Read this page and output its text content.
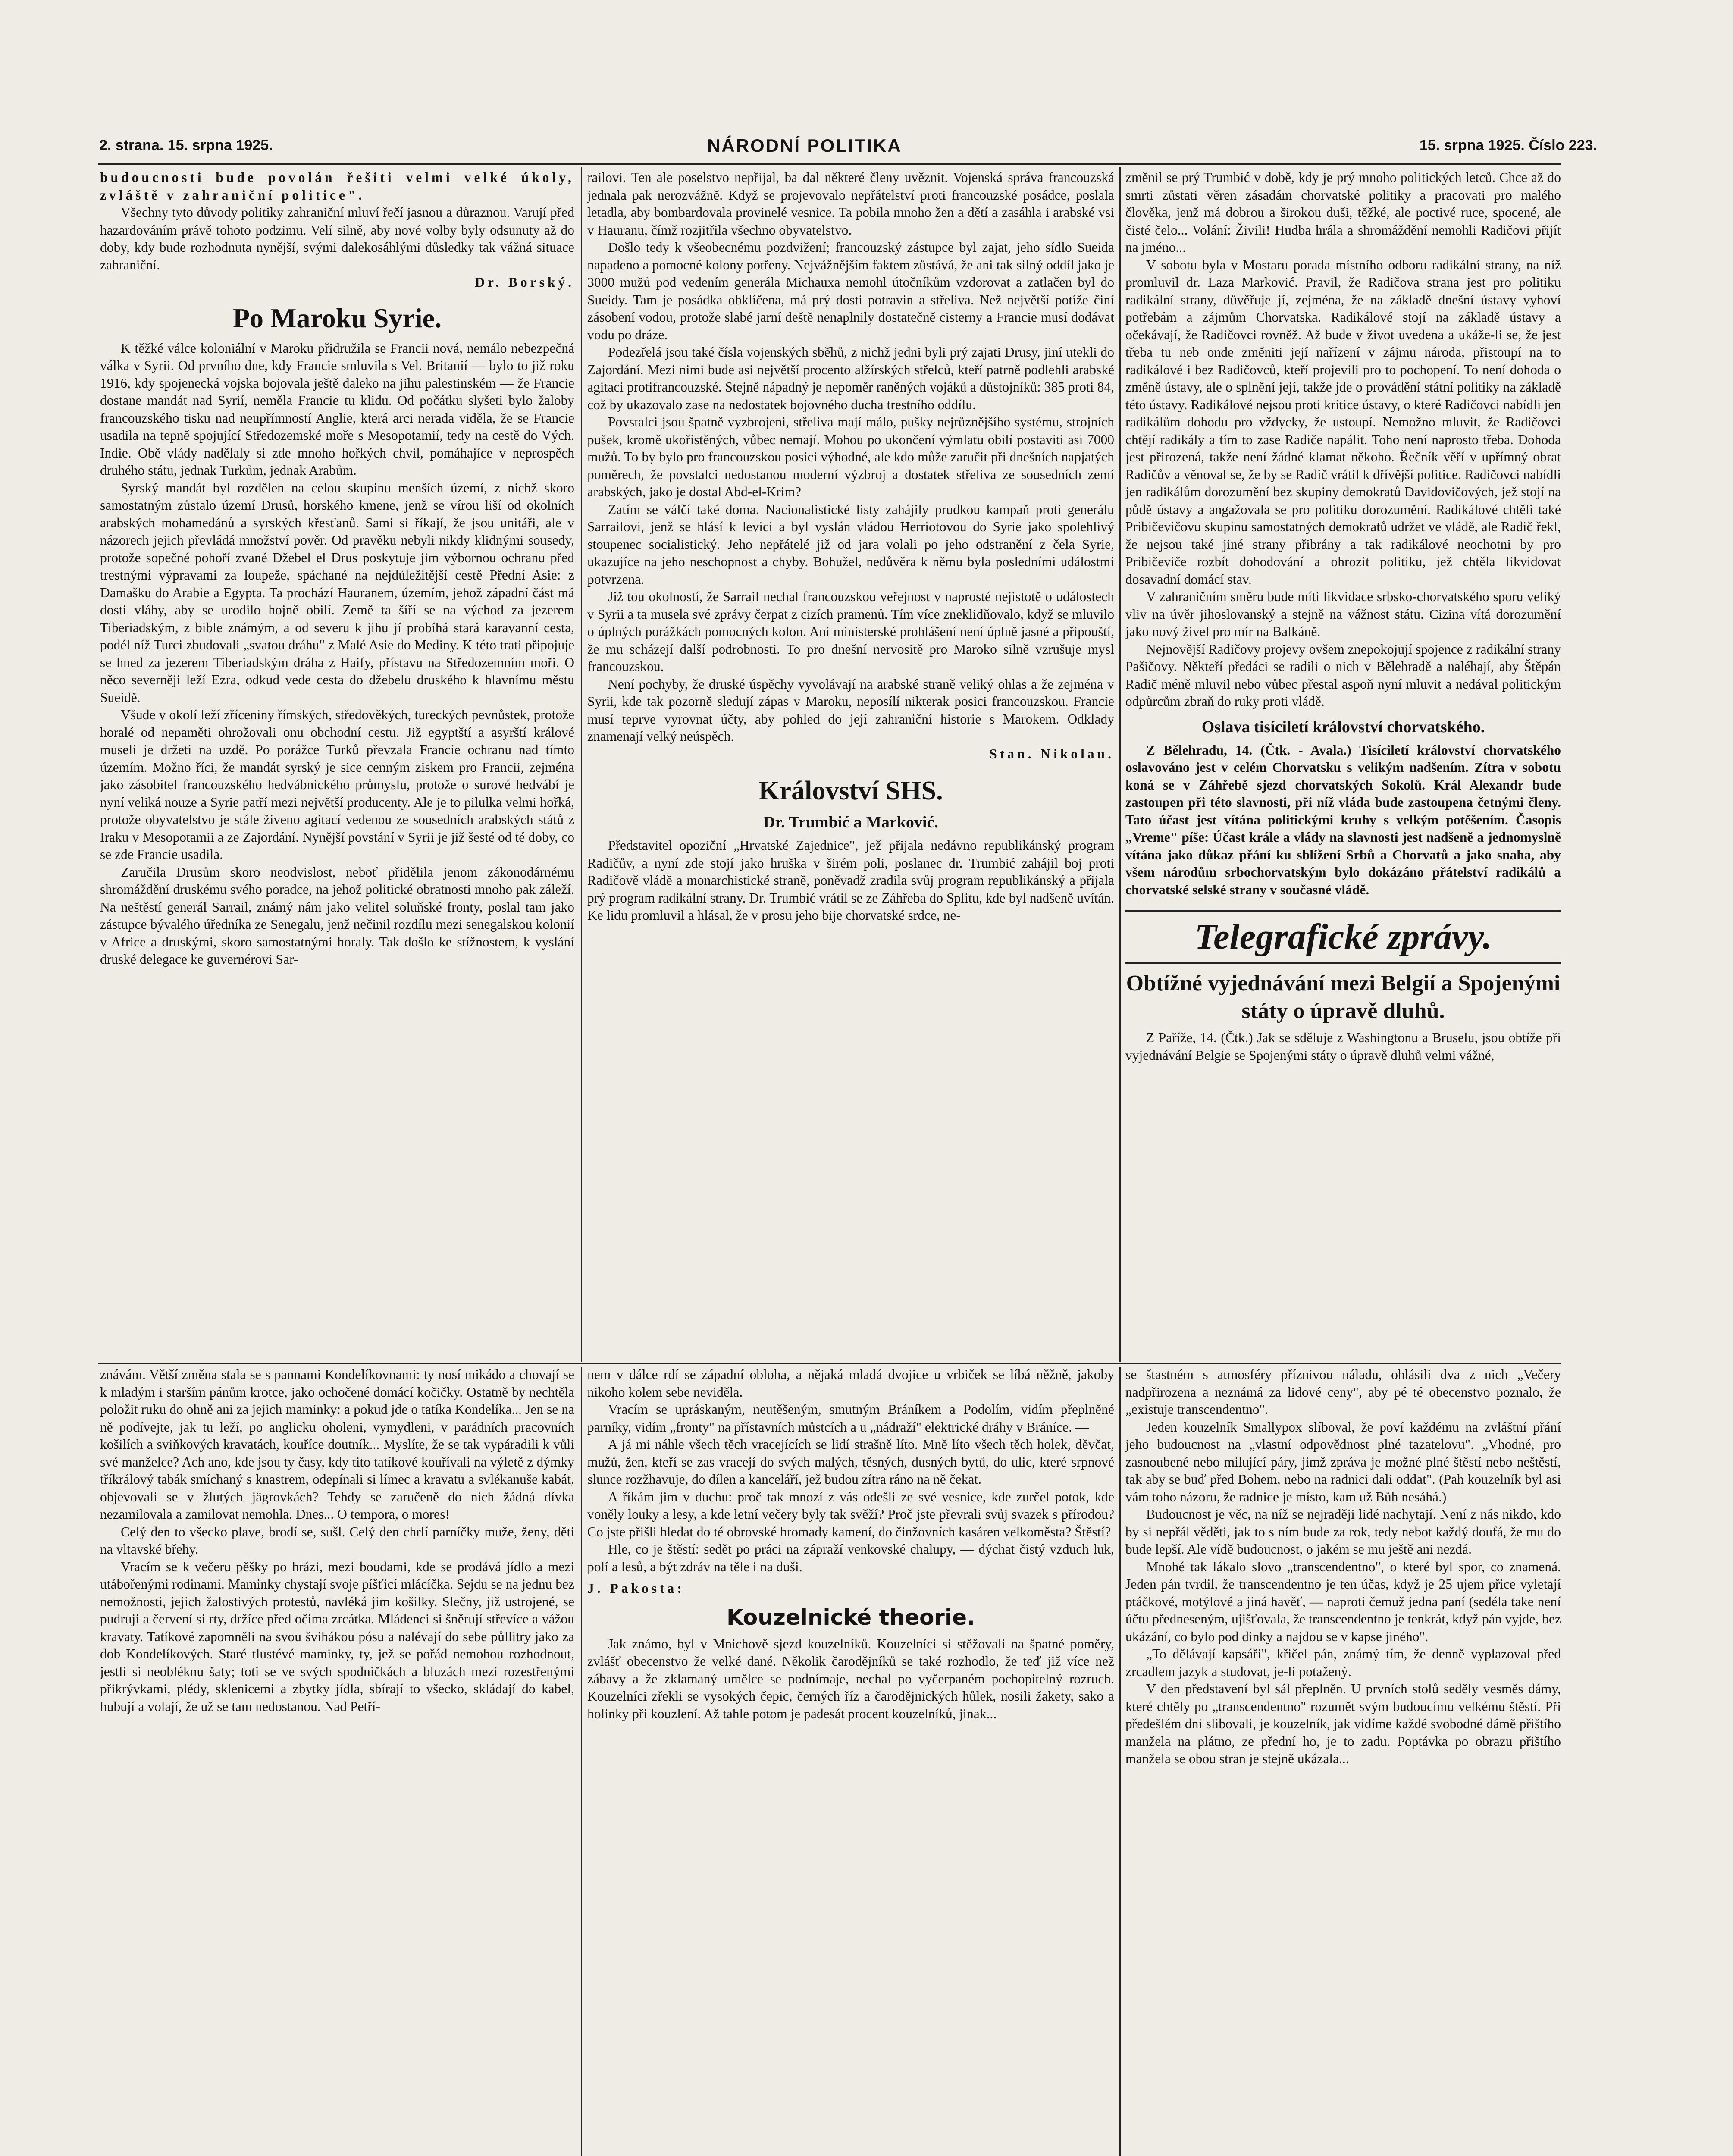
2. strana. 15. srpna 1925.	NÁRODNÍ POLITIKA	15. srpna 1925. Číslo 223.

budoucnosti bude povolán řešiti velmi velké úkoly, zvláště v zahraniční politice".

Všechny tyto důvody politiky zahraniční mluví řečí jasnou a důraznou. Varují před hazardováním právě tohoto podzimu. Velí silně, aby nové volby byly odsunuty až do doby, kdy bude rozhodnuta nynější, svými dalekosáhlými důsledky tak vážná situace zahraniční.

Dr. Borský.

Po Maroku Syrie.

K těžké válce koloniální v Maroku přidružila se Francii nová, nemálo nebezpečná válka v Syrii. Od prvního dne, kdy Francie smluvila s Vel. Britanií — bylo to již roku 1916, kdy spojenecká vojska bojovala ještě daleko na jihu palestinském — že Francie dostane mandát nad Syrií, neměla Francie tu klidu. Od počátku slyšeti bylo žaloby francouzského tisku nad neupřímností Anglie, která arci nerada viděla, že se Francie usadila na tepně spojující Středozemské moře s Mesopotamií, tedy na cestě do Vých. Indie. Obě vlády nadělaly si zde mnoho hořkých chvil, pomáhajíce v neprospěch druhého státu, jednak Turkům, jednak Arabům.

Syrský mandát byl rozdělen na celou skupinu menších území, z nichž skoro samostatným zůstalo území Drusů, horského kmene, jenž se vírou liší od okolních arabských mohamedánů a syrských křesťanů. Sami si říkají, že jsou unitáři, ale v názorech jejich převládá množství pověr. Od pravěku nebyli nikdy klidnými sousedy, protože sopečné pohoří zvané Džebel el Drus poskytuje jim výbornou ochranu před trestnými výpravami za loupeže, spáchané na nejdůležitější cestě Přední Asie: z Damašku do Arabie a Egypta. Ta prochází Hauranem, územím, jehož západní část má dosti vláhy, aby se urodilo hojně obilí. Země ta šíří se na východ za jezerem Tiberiadským, z bible známým, a od severu k jihu jí probíhá stará karavanní cesta, podél níž Turci zbudovali „svatou dráhu" z Malé Asie do Mediny. K této trati připojuje se hned za jezerem Tiberiadským dráha z Haify, přístavu na Středozemním moři. O něco severněji leží Ezra, odkud vede cesta do džebelu druského k hlavnímu městu Sueidě.

Všude v okolí leží zříceniny římských, středověkých, tureckých pevnůstek, protože horalé od nepaměti ohrožovali onu obchodní cestu. Již egyptští a asyrští králové museli je držeti na uzdě. Po porážce Turků převzala Francie ochranu nad tímto územím. Možno říci, že mandát syrský je sice cenným ziskem pro Francii, zejména jako zásobitel francouzského hedvábnického průmyslu, protože o surové hedvábí je nyní veliká nouze a Syrie patří mezi největší producenty. Ale je to pilulka velmi hořká, protože obyvatelstvo je stále živeno agitací vedenou ze sousedních arabských států z Iraku v Mesopotamii a ze Zajordání. Nynější povstání v Syrii je již šesté od té doby, co se zde Francie usadila.

Zaručila Drusům skoro neodvislost, neboť přidělila jenom zákonodárnému shromáždění druskému svého poradce, na jehož politické obratnosti mnoho pak záleží. Na neštěstí generál Sarrail, známý nám jako velitel soluňské fronty, poslal tam jako zástupce bývalého úředníka ze Senegalu, jenž nečinil rozdílu mezi senegalskou kolonií v Africe a druskými, skoro samostatnými horaly. Tak došlo ke stížnostem, k vyslání druské delegace ke guvernérovi Sar-

railovi. Ten ale poselstvo nepřijal, ba dal některé členy uvěznit. Vojenská správa francouzská jednala pak nerozvážně. Když se projevovalo nepřátelství proti francouzské posádce, poslala letadla, aby bombardovala provinelé vesnice. Ta pobila mnoho žen a dětí a zasáhla i arabské vsi v Hauranu, čímž rozjitřila všechno obyvatelstvo.

Došlo tedy k všeobecnému pozdvižení; francouzský zástupce byl zajat, jeho sídlo Sueida napadeno a pomocné kolony potřeny. Nejvážnějším faktem zůstává, že ani tak silný oddíl jako je 3000 mužů pod vedením generála Michauxa nemohl útočníkům vzdorovat a zatlačen byl do Sueidy. Tam je posádka obklíčena, má prý dosti potravin a střeliva. Než největší potíže činí zásobení vodou, protože slabé jarní deště nenaplnily dostatečně cisterny a Francie musí dodávat vodu po dráze.

Podezřelá jsou také čísla vojenských sběhů, z nichž jedni byli prý zajati Drusy, jiní utekli do Zajordání. Mezi nimi bude asi největší procento alžírských střelců, kteří patrně podlehli arabské agitaci protifrancouzské. Stejně nápadný je nepoměr raněných vojáků a důstojníků: 385 proti 84, což by ukazovalo zase na nedostatek bojovného ducha trestního oddílu.

Povstalci jsou špatně vyzbrojeni, střeliva mají málo, pušky nejrůznějšího systému, strojních pušek, kromě ukořistěných, vůbec nemají. Mohou po ukončení výmlatu obilí postaviti asi 7000 mužů. To by bylo pro francouzskou posici výhodné, ale kdo může zaručit při dnešních napjatých poměrech, že povstalci nedostanou moderní výzbroj a dostatek střeliva ze sousedních zemí arabských, jako je dostal Abd-el-Krim?

Zatím se válčí také doma. Nacionalistické listy zahájily prudkou kampaň proti generálu Sarrailovi, jenž se hlásí k levici a byl vyslán vládou Herriotovou do Syrie jako spolehlivý stoupenec socialistický. Jeho nepřátelé již od jara volali po jeho odstranění z čela Syrie, ukazujíce na jeho neschopnost a chyby. Bohužel, nedůvěra k němu byla posledními událostmi potvrzena.

Již tou okolností, že Sarrail nechal francouzskou veřejnost v naprosté nejistotě o událostech v Syrii a ta musela své zprávy čerpat z cizích pramenů. Tím více zneklidňovalo, když se mluvilo o úplných porážkách pomocných kolon. Ani ministerské prohlášení není úplně jasné a připouští, že mu scházejí další podrobnosti. To pro dnešní nervositě pro Maroko silně vzrušuje mysl francouzskou.

Není pochyby, že druské úspěchy vyvolávají na arabské straně veliký ohlas a že zejména v Syrii, kde tak pozorně sledují zápas v Maroku, neposílí nikterak posici francouzskou. Francie musí teprve vyrovnat účty, aby pohled do její zahraniční historie s Marokem. Odklady znamenají velký neúspěch.

Stan. Nikolau.

Království SHS.
Dr. Trumbić a Marković.

Představitel opoziční „Hrvatské Zajednice", jež přijala nedávno republikánský program Radičův, a nyní zde stojí jako hruška v širém poli, poslanec dr. Trumbić zahájil boj proti Radičově vládě a monarchistické straně, poněvadž zradila svůj program republikánský a přijala prý program radikální strany. Dr. Trumbić vrátil se ze Záhřeba do Splitu, kde byl nadšeně uvítán. Ke lidu promluvil a hlásal, že v prosu jeho bije chorvatské srdce, ne-

změnil se prý Trumbić v době, kdy je prý mnoho politických letců. Chce až do smrti zůstati věren zásadám chorvatské politiky a pracovati pro malého člověka, jenž má dobrou a širokou duši, těžké, ale poctivé ruce, spocené, ale čisté čelo... Volání: Živili! Hudba hrála a shromáždění nemohli Radičovi přijít na jméno...

V sobotu byla v Mostaru porada místního odboru radikální strany, na níž promluvil dr. Laza Marković. Pravil, že Radičova strana jest pro politiku radikální strany, důvěřuje jí, zejména, že na základě dnešní ústavy vyhoví potřebám a zájmům Chorvatska. Radikálové stojí na základě ústavy a očekávají, že Radičovci rovněž. Až bude v život uvedena a ukáže-li se, že jest třeba tu neb onde změniti její nařízení v zájmu národa, přistoupí na to radikálové i bez Radičovců, kteří projevili pro to pochopení. To není dohoda o změně ústavy, ale o splnění její, takže jde o provádění státní politiky na základě této ústavy. Radikálové nejsou proti kritice ústavy, o které Radičovci nabídli jen radikálům dohodu pro vždycky, že ustoupí. Nemožno mluvit, že Radičovci chtějí radikály a tím to zase Radiče napálit. Toho není naprosto třeba. Dohoda jest přirozená, takže není žádné klamat někoho. Řečník věří v upřímný obrat Radičův a věnoval se, že by se Radič vrátil k dřívější politice. Radičovci nabídli jen radikálům dorozumění bez skupiny demokratů Davidovičových, jež stojí na půdě ústavy a angažovala se pro politiku dorozumění. Radikálové chtěli také Pribičevičovu skupinu samostatných demokratů udržet ve vládě, ale Radič řekl, že nejsou také jiné strany přibrány a tak radikálové neochotni by pro Pribičeviče rozbít dohodování a ohrozit politiku, jež chtěla likvidovat dosavadní domácí stav.

V zahraničním směru bude míti likvidace srbsko-chorvatského sporu veliký vliv na úvěr jihoslovanský a stejně na vážnost státu. Cizina vítá dorozumění jako nový živel pro mír na Balkáně.

Nejnovější Radičovy projevy ovšem znepokojují spojence z radikální strany Pašičovy. Někteří předáci se radili o nich v Bělehradě a naléhají, aby Štěpán Radič méně mluvil nebo vůbec přestal aspoň nyní mluvit a nedával politickým odpůrcům zbraň do ruky proti vládě.

Oslava tisíciletí království chorvatského.

Z Bělehradu, 14. (Čtk. - Avala.) Tisíciletí království chorvatského oslavováno jest v celém Chorvatsku s velikým nadšením. Zítra v sobotu koná se v Záhřebě sjezd chorvatských Sokolů. Král Alexandr bude zastoupen při této slavnosti, při níž vláda bude zastoupena četnými členy. Tato účast jest vítána politickými kruhy s velkým potěšením. Časopis „Vreme" píše: Účast krále a vlády na slavnosti jest nadšeně a jednomyslně vítána jako důkaz přání ku sblížení Srbů a Chorvatů a jako snaha, aby všem národům srbochorvatským bylo dokázáno přátelství radikálů a chorvatské selské strany v současné vládě.

Telegrafické zprávy.
Obtížné vyjednávání mezi Belgií a Spojenými státy o úpravě dluhů.

Z Paříže, 14. (Čtk.) Jak se sděluje z Washingtonu a Bruselu, jsou obtíže při vyjednávání Belgie se Spojenými státy o úpravě dluhů velmi vážné,

znávám. Větší změna stala se s pannami Kondelíkovnami: ty nosí mikádo a chovají se k mladým i starším pánům krotce, jako ochočené domácí kočičky. Ostatně by nechtěla položit ruku do ohně ani za jejich maminky: a pokud jde o tatíka Kondelíka... Jen se na ně podívejte, jak tu leží, po anglicku oholeni, vymydleni, v parádních pracovních košilích a sviňkových kravatách, kouříce doutník... Myslíte, že se tak vypáradili k vůli své manželce? Ach ano, kde jsou ty časy, kdy tito tatíkové kouřívali na výletě z dýmky tříkrálový tabák smíchaný s knastrem, odepínali si límec a kravatu a svlékanuše kabát, objevovali se v žlutých jägrovkách? Tehdy se zaručeně do nich žádná dívka nezamilovala a zamilovat nemohla. Dnes... O tempora, o mores!

Celý den to všecko plave, brodí se, sušl. Celý den chrlí parníčky muže, ženy, děti na vltavské břehy.

Vracím se k večeru pěšky po hrázi, mezi boudami, kde se prodává jídlo a mezi utábořenými rodinami. Maminky chystají svoje píšťicí mlácíčka. Sejdu se na jednu bez nemožnosti, jejich žalostivých protestů, navléká jim košilky. Slečny, již ustrojené, se pudruji a červení si rty, držíce před očima zrcátka. Mládenci si šněrují střevíce a vážou kravaty. Tatíkové zapomněli na svou švihákou pósu a nalévají do sebe půllitry jako za dob Kondelíkových. Staré tlustévé maminky, ty, jež se pořád nemohou rozhodnout, jestli si neobléknu šaty; toti se ve svých spodničkách a bluzách mezi rozestřenými přikrývkami, plédy, sklenicemi a zbytky jídla, sbírají to všecko, skládají do kabel, hubují a volají, že už se tam nedostanou. Nad Petří-

nem v dálce rdí se západní obloha, a nějaká mladá dvojice u vrbiček se líbá něžně, jakoby nikoho kolem sebe neviděla.

Vracím se upráskaným, neutěšeným, smutným Bráníkem a Podolím, vidím přeplněné parníky, vidím „fronty" na přístavních můstcích a u „nádraží" elektrické dráhy v Bráníce. —

A já mi náhle všech těch vracejících se lidí strašně líto. Mně líto všech těch holek, děvčat, mužů, žen, kteří se zas vracejí do svých malých, těsných, dusných bytů, do ulic, které srpnové slunce rozžhavuje, do dílen a kanceláří, jež budou zítra ráno na ně čekat.

A říkám jim v duchu: proč tak mnozí z vás odešli ze své vesnice, kde zurčel potok, kde voněly louky a lesy, a kde letní večery byly tak svěží? Proč jste převrali svůj svazek s přírodou? Co jste přišli hledat do té obrovské hromady kamení, do činžovních kasáren velkoměsta? Štěstí?

Hle, co je štěstí: sedět po práci na zápraží venkovské chalupy, — dýchat čistý vzduch luk, polí a lesů, a být zdráv na těle i na duši.

J. Pakosta:

Kouzelnické theorie.

Jak známo, byl v Mnichově sjezd kouzelníků. Kouzelníci si stěžovali na špatné poměry, zvlášť obecenstvo že velké dané. Několik čarodějníků se také rozhodlo, že teď již více než zábavy a že zklamaný umělce se podnímaje, nechal po vyčerpaném pochopitelný rozruch. Kouzelníci zřekli se vysokých čepic, černých říz a čarodějnických hůlek, nosili žakety, sako a holinky při kouzlení. Až tahle potom je padesát procent kouzelníků, jinak...

se štastném s atmosféry příznivou náladu, ohlásili dva z nich „Večery nadpřirozena a neznámá za lidové ceny", aby pé té obecenstvo poznalo, že „existuje transcendentno".

Jeden kouzelník Smallypox slíboval, že poví každému na zvláštní přání jeho budoucnost na „vlastní odpovědnost plné tazatelovu". „Vhodné, pro zasnoubené nebo milující páry, jimž zpráva je možné plné štěstí nebo neštěstí, tak aby se buď před Bohem, nebo na radnici dali oddat". (Pah kouzelník byl asi vám toho názoru, že radnice je místo, kam už Bůh nesáhá.)

Budoucnost je věc, na níž se nejraději lidé nachytají. Není z nás nikdo, kdo by si nepřál věděti, jak to s ním bude za rok, tedy nebot každý doufá, že mu do bude lepší. Ale vídě budoucnost, o jakém se mu ještě ani nezdá.

Mnohé tak lákalo slovo „transcendentno", o které byl spor, co znamená. Jeden pán tvrdil, že transcendentno je ten účas, když je 25 ujem přice vyletají ptáčkové, motýlové a jiná havěť, — naproti čemuž jedna paní (sedéla take není účtu předneseným, ujišťovala, že transcendentno je tenkrát, když pán vyjde, bez ukázání, co bylo pod dinky a najdou se v kapse jiného".

„To dělávají kapsáři", křičel pán, známý tím, že denně vyplazoval před zrcadlem jazyk a studovat, je-li potažený.

V den představení byl sál přeplněn. U prvních stolů seděly vesměs dámy, které chtěly po „transcendentno" rozumět svým budoucímu velkému štěstí. Při předešlém dni slibovali, je kouzelník, jak vidíme každé svobodné dámě přištího manžela na plátno, ze přední ho, je to zadu. Poptávka po obrazu přištího manžela se obou stran je stejně ukázala...
